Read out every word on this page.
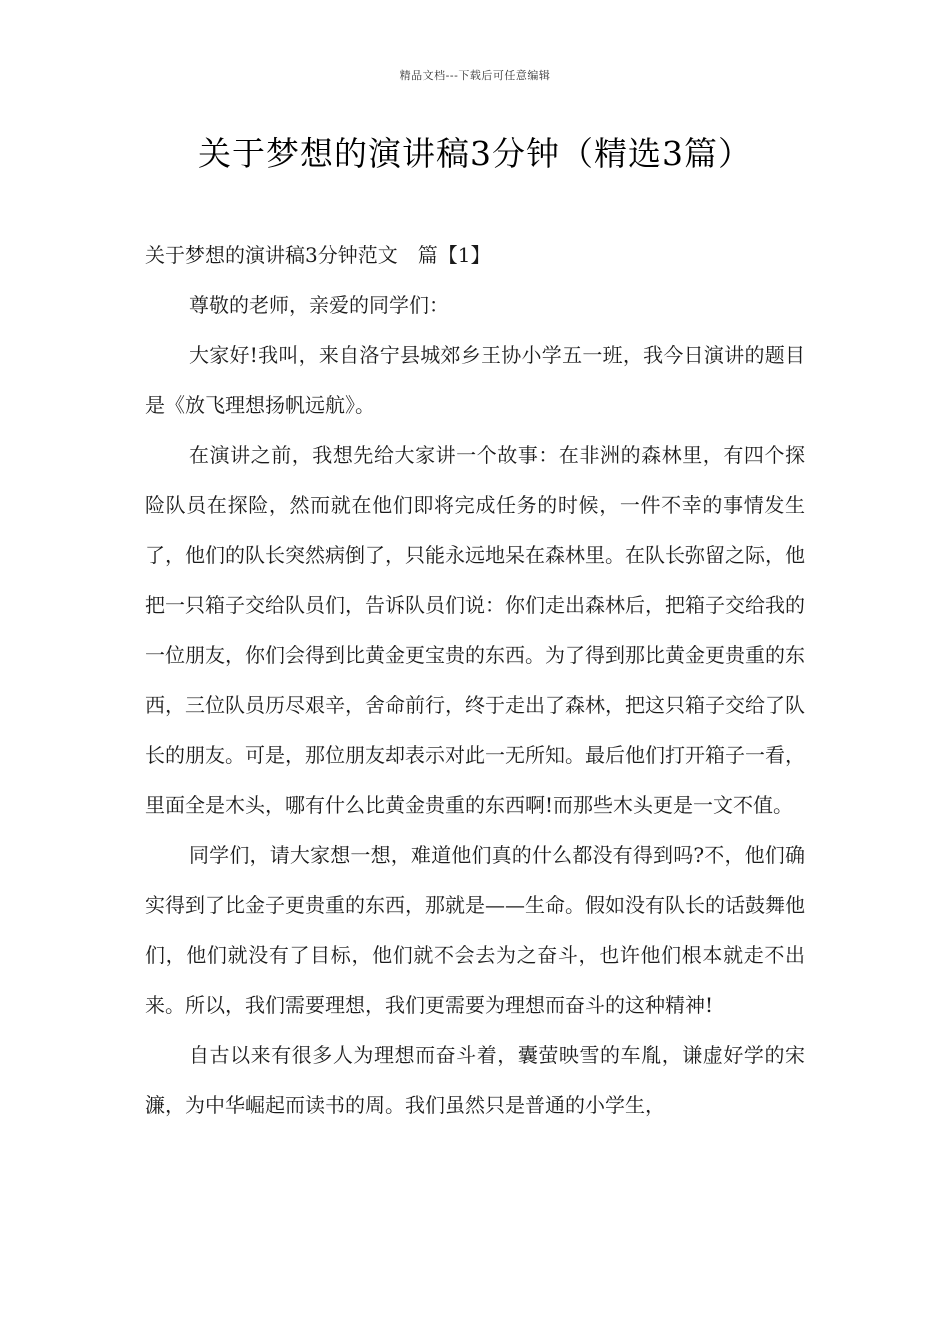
精品文档---下载后可任意编辑
关于梦想的演讲稿3分钟（精选3篇）
关于梦想的演讲稿3分钟范文　篇【1】

尊敬的老师，亲爱的同学们：

大家好!我叫，来自洛宁县城郊乡王协小学五一班，我今日演讲的题目是《放飞理想扬帆远航》。

在演讲之前，我想先给大家讲一个故事：在非洲的森林里，有四个探险队员在探险，然而就在他们即将完成任务的时候，一件不幸的事情发生了，他们的队长突然病倒了，只能永远地呆在森林里。在队长弥留之际，他把一只箱子交给队员们，告诉队员们说：你们走出森林后，把箱子交给我的一位朋友，你们会得到比黄金更宝贵的东西。为了得到那比黄金更贵重的东西，三位队员历尽艰辛，舍命前行，终于走出了森林，把这只箱子交给了队长的朋友。可是，那位朋友却表示对此一无所知。最后他们打开箱子一看，里面全是木头，哪有什么比黄金贵重的东西啊!而那些木头更是一文不值。

同学们，请大家想一想，难道他们真的什么都没有得到吗?不，他们确实得到了比金子更贵重的东西，那就是——生命。假如没有队长的话鼓舞他们，他们就没有了目标，他们就不会去为之奋斗，也许他们根本就走不出来。所以，我们需要理想，我们更需要为理想而奋斗的这种精神!

自古以来有很多人为理想而奋斗着，囊萤映雪的车胤，谦虚好学的宋濂，为中华崛起而读书的周。我们虽然只是普通的小学生，
